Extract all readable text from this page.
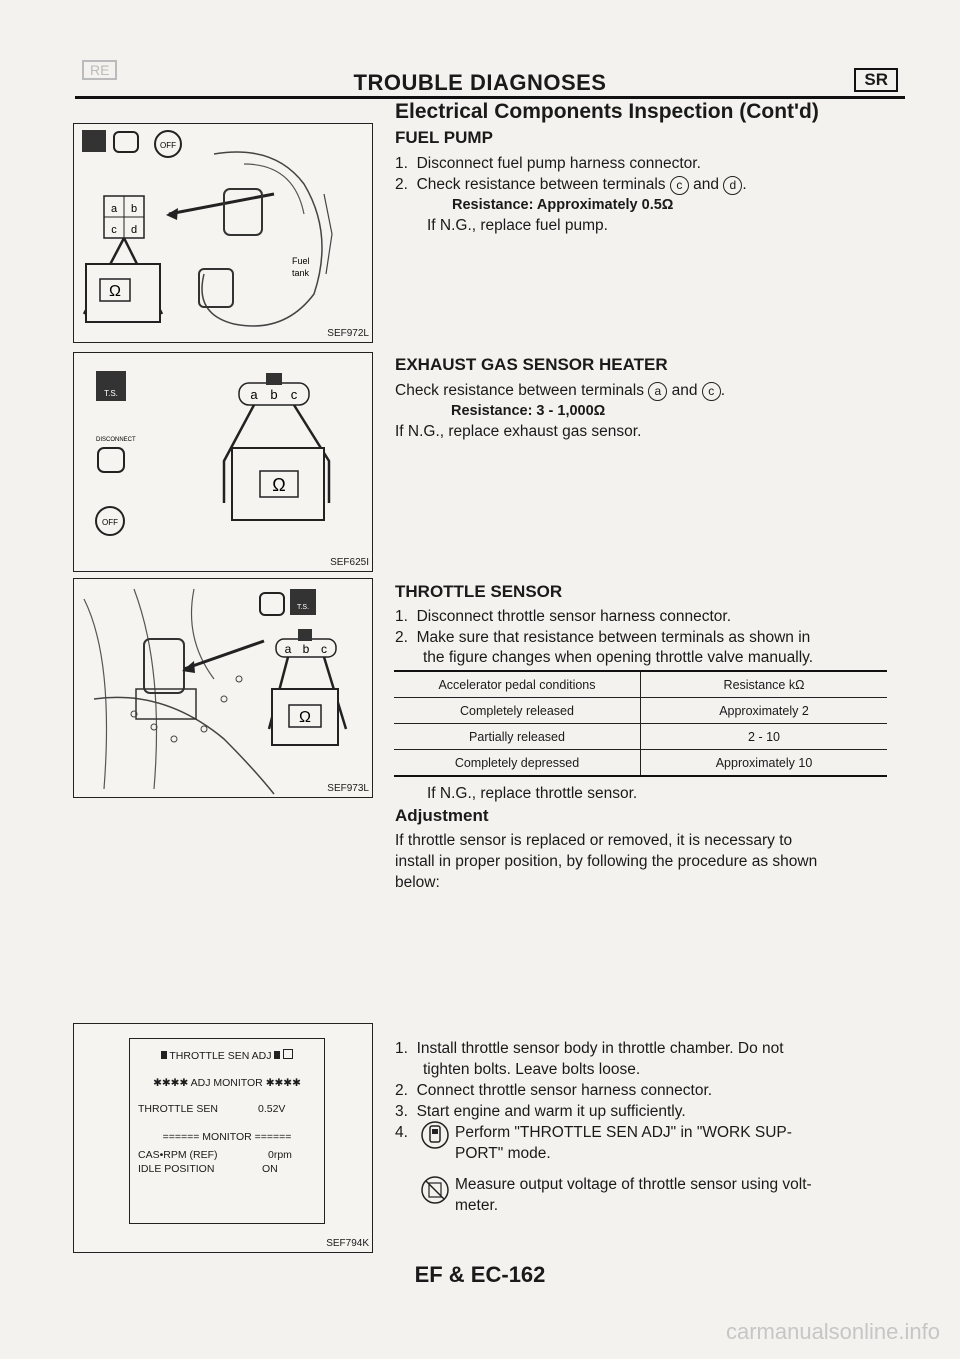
RE	TROUBLE DIAGNOSES	SR
Electrical Components Inspection (Cont'd)
OFF
a b
c d
Ω
Fuel
tank
SEF972L
FUEL PUMP
1. Disconnect fuel pump harness connector.
2. Check resistance between terminals c and d .
Resistance: Approximately 0.5Ω
If N.G., replace fuel pump.
T.S.
DISCONNECT
OFF
a b c
Ω
SEF625I
EXHAUST GAS SENSOR HEATER
Check resistance between terminals a and c .
Resistance: 3 - 1,000Ω
If N.G., replace exhaust gas sensor.
T.S.
a b c
Ω
SEF973L
THROTTLE SENSOR
1. Disconnect throttle sensor harness connector.
2. Make sure that resistance between terminals as shown in
the figure changes when opening throttle valve manually.
Accelerator pedal conditions	Resistance kΩ
Completely released	Approximately 2
Partially released	2 - 10
Completely depressed	Approximately 10
If N.G., replace throttle sensor.
Adjustment
If throttle sensor is replaced or removed, it is necessary to
install in proper position, by following the procedure as shown
below:
THROTTLE SEN ADJ
✱✱✱✱ ADJ MONITOR ✱✱✱✱
THROTTLE SEN	0.52V
====== MONITOR ======
CAS•RPM (REF)	0rpm
IDLE POSITION	ON
SEF794K
1. Install throttle sensor body in throttle chamber. Do not
tighten bolts. Leave bolts loose.
2. Connect throttle sensor harness connector.
3. Start engine and warm it up sufficiently.
4.	Perform "THROTTLE SEN ADJ" in "WORK SUP-
PORT" mode.
Measure output voltage of throttle sensor using volt-
meter.
EF & EC-162
carmanualsonline.info
